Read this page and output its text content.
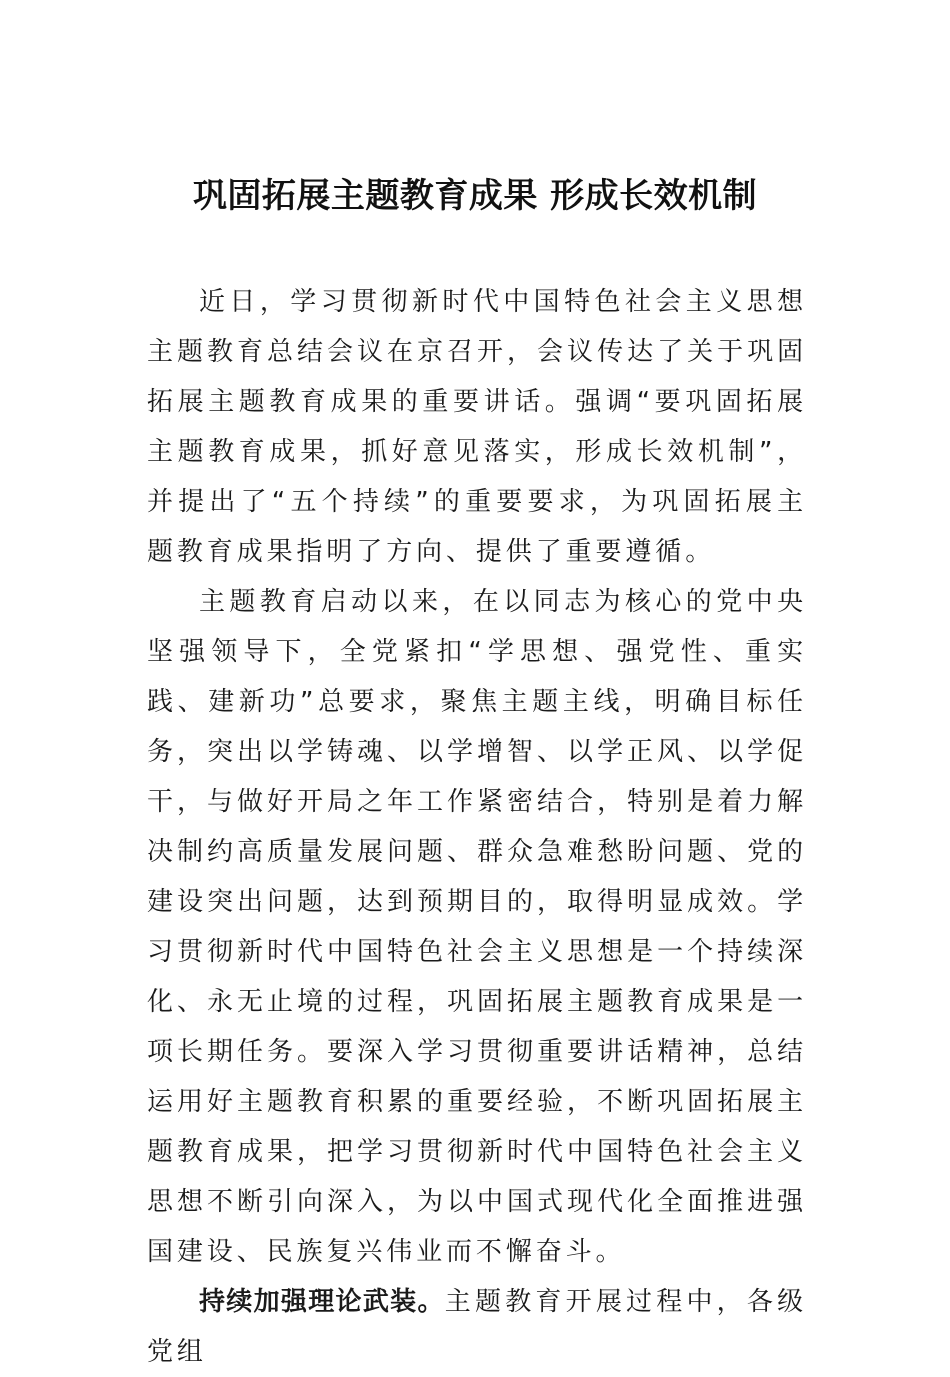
巩固拓展主题教育成果 形成长效机制

近日，学习贯彻新时代中国特色社会主义思想主题教育总结会议在京召开，会议传达了关于巩固拓展主题教育成果的重要讲话。强调“要巩固拓展主题教育成果，抓好意见落实，形成长效机制”，并提出了“五个持续”的重要要求，为巩固拓展主题教育成果指明了方向、提供了重要遵循。

主题教育启动以来，在以同志为核心的党中央坚强领导下，全党紧扣“学思想、强党性、重实践、建新功”总要求，聚焦主题主线，明确目标任务，突出以学铸魂、以学增智、以学正风、以学促干，与做好开局之年工作紧密结合，特别是着力解决制约高质量发展问题、群众急难愁盼问题、党的建设突出问题，达到预期目的，取得明显成效。学习贯彻新时代中国特色社会主义思想是一个持续深化、永无止境的过程，巩固拓展主题教育成果是一项长期任务。要深入学习贯彻重要讲话精神，总结运用好主题教育积累的重要经验，不断巩固拓展主题教育成果，把学习贯彻新时代中国特色社会主义思想不断引向深入，为以中国式现代化全面推进强国建设、民族复兴伟业而不懈奋斗。

持续加强理论武装。主题教育开展过程中，各级党组
